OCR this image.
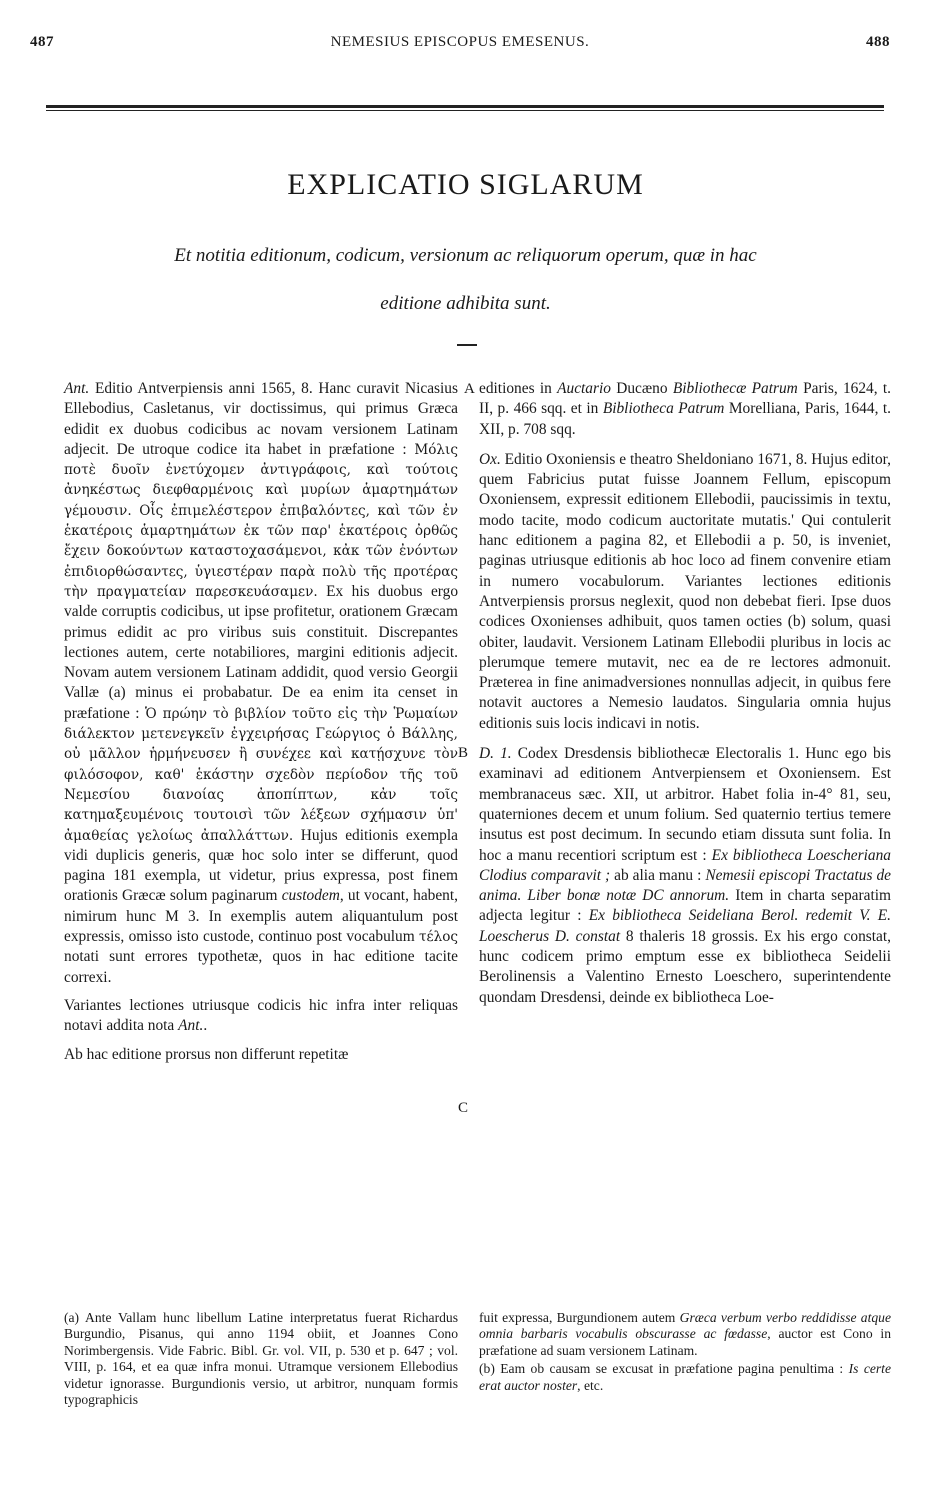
487	NEMESIUS EPISCOPUS EMESENUS.	488
EXPLICATIO SIGLARUM
Et notitia editionum, codicum, versionum ac reliquorum operum, quæ in hac editione adhibita sunt.

Ant. Editio Antverpiensis anni 1565, 8. Hanc curavit Nicasius Ellebodius, Casletanus, vir doctissimus, qui primus Græca edidit ex duobus codicibus ac novam versionem Latinam adjecit. De utroque codice ita habet in præfatione : Μόλις ποτὲ δυοῖν ἐνετύχομεν ἀντιγράφοις, καὶ τούτοις ἀνηκέστως διεφθαρμένοις καὶ μυρίων ἁμαρτημάτων γέμουσιν. Οἷς ἐπιμελέστερον ἐπιβαλόντες, καὶ τῶν ἐν ἑκατέροις ἁμαρτημάτων ἐκ τῶν παρ' ἑκατέροις ὀρθῶς ἔχειν δοκούντων καταστοχασάμενοι, κἀκ τῶν ἐνόντων ἐπιδιορθώσαντες, ὑγιεστέραν παρὰ πολὺ τῆς προτέρας τὴν πραγματείαν παρεσκευάσαμεν. Ex his duobus ergo valde corruptis codicibus, ut ipse profitetur, orationem Græcam primus edidit ac pro viribus suis constituit. Discrepantes lectiones autem, certe notabiliores, margini editionis adjecit. Novam autem versionem Latinam addidit, quod versio Georgii Vallæ (a) minus ei probabatur. De ea enim ita censet in præfatione : Ὁ πρώην τὸ βιβλίον τοῦτο εἰς τὴν Ῥωμαίων διάλεκτον μετενεγκεῖν ἐγχειρήσας Γεώργιος ὁ Βάλλης, οὐ μᾶλλον ἡρμήνευσεν ἢ συνέχεε καὶ κατῄσχυνε τὸν φιλόσοφον, καθ' ἑκάστην σχεδὸν περίοδον τῆς τοῦ Νεμεσίου διανοίας ἀποπίπτων, κἀν τοῖς κατημαξευμένοις τουτοισὶ τῶν λέξεων σχήμασιν ὑπ' ἀμαθείας γελοίως ἀπαλλάττων. Hujus editionis exempla vidi duplicis generis, quæ hoc solo inter se differunt, quod pagina 181 exempla, ut videtur, prius expressa, post finem orationis Græcæ solum paginarum custodem, ut vocant, habent, nimirum hunc M 3. In exemplis autem aliquantulum post expressis, omisso isto custode, continuo post vocabulum τέλος notati sunt errores typothetæ, quos in hac editione tacite correxi.

Variantes lectiones utriusque codicis hic infra inter reliquas notavi addita nota Ant..

Ab hac editione prorsus non differunt repetitæ

A
B
C

editiones in Auctario Ducæno Bibliothecæ Patrum Paris, 1624, t. II, p. 466 sqq. et in Bibliotheca Patrum Morelliana, Paris, 1644, t. XII, p. 708 sqq.

Ox. Editio Oxoniensis e theatro Sheldoniano 1671, 8. Hujus editor, quem Fabricius putat fuisse Joannem Fellum, episcopum Oxoniensem, expressit editionem Ellebodii, paucissimis in textu, modo tacite, modo codicum auctoritate mutatis.' Qui contulerit hanc editionem a pagina 82, et Ellebodii a p. 50, is inveniet, paginas utriusque editionis ab hoc loco ad finem convenire etiam in numero vocabulorum. Variantes lectiones editionis Antverpiensis prorsus neglexit, quod non debebat fieri. Ipse duos codices Oxonienses adhibuit, quos tamen octies (b) solum, quasi obiter, laudavit. Versionem Latinam Ellebodii pluribus in locis ac plerumque temere mutavit, nec ea de re lectores admonuit. Præterea in fine animadversiones nonnullas adjecit, in quibus fere notavit auctores a Nemesio laudatos. Singularia omnia hujus editionis suis locis indicavi in notis.

D. 1. Codex Dresdensis bibliothecæ Electoralis 1. Hunc ego bis examinavi ad editionem Antverpiensem et Oxoniensem. Est membranaceus sæc. XII, ut arbitror. Habet folia in-4° 81, seu, quaterniones decem et unum folium. Sed quaternio tertius temere insutus est post decimum. In secundo etiam dissuta sunt folia. In hoc a manu recentiori scriptum est : Ex bibliotheca Loescheriana Clodius comparavit ; ab alia manu : Nemesii episcopi Tractatus de anima. Liber bonæ notæ DC annorum. Item in charta separatim adjecta legitur : Ex bibliotheca Seideliana Berol. redemit V. E. Loescherus D. constat 8 thaleris 18 grossis. Ex his ergo constat, hunc codicem primo emptum esse ex bibliotheca Seidelii Berolinensis a Valentino Ernesto Loeschero, superintendente quondam Dresdensi, deinde ex bibliotheca Loe-

(a) Ante Vallam hunc libellum Latine interpretatus fuerat Richardus Burgundio, Pisanus, qui anno 1194 obiit, et Joannes Cono Norimbergensis. Vide Fabric. Bibl. Gr. vol. VII, p. 530 et p. 647 ; vol. VIII, p. 164, et ea quæ infra monui. Utramque versionem Ellebodius videtur ignorasse. Burgundionis versio, ut arbitror, nunquam formis typographicis

fuit expressa, Burgundionem autem Græca verbum verbo reddidisse atque omnia barbaris vocabulis obscurasse ac fœdasse, auctor est Cono in præfatione ad suam versionem Latinam.

(b) Eam ob causam se excusat in præfatione pagina penultima : Is certe erat auctor noster, etc.
